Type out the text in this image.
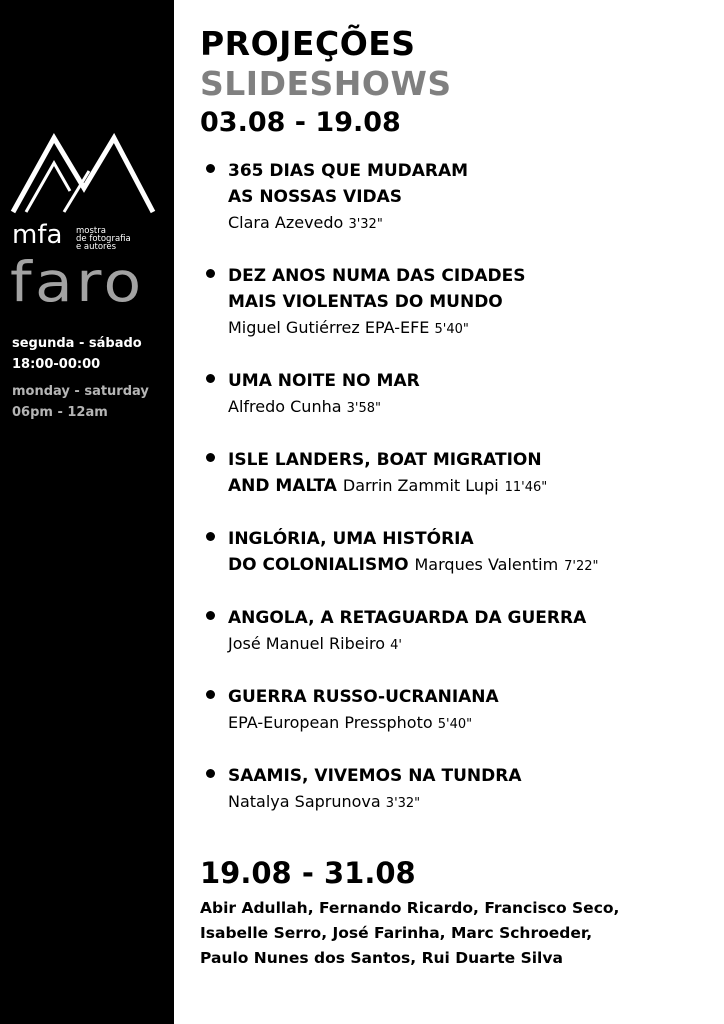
mfa mostra
de fotografia
e autores
faro
segunda - sábado
18:00-00:00
monday - saturday
06pm - 12am
PROJEÇÕES
SLIDESHOWS
03.08 - 19.08
365 DIAS QUE MUDARAM
AS NOSSAS VIDAS
Clara Azevedo 3'32"
DEZ ANOS NUMA DAS CIDADES
MAIS VIOLENTAS DO MUNDO
Miguel Gutiérrez EPA-EFE 5'40"
UMA NOITE NO MAR
Alfredo Cunha 3'58"
ISLE LANDERS, BOAT MIGRATION
AND MALTA Darrin Zammit Lupi 11'46"
INGLÓRIA, UMA HISTÓRIA
DO COLONIALISMO Marques Valentim 7'22"
ANGOLA, A RETAGUARDA DA GUERRA
José Manuel Ribeiro 4'
GUERRA RUSSO-UCRANIANA
EPA-European Pressphoto 5'40"
SAAMIS, VIVEMOS NA TUNDRA
Natalya Saprunova 3'32"
19.08 - 31.08
Abir Adullah, Fernando Ricardo, Francisco Seco,
Isabelle Serro, José Farinha, Marc Schroeder,
Paulo Nunes dos Santos, Rui Duarte Silva
